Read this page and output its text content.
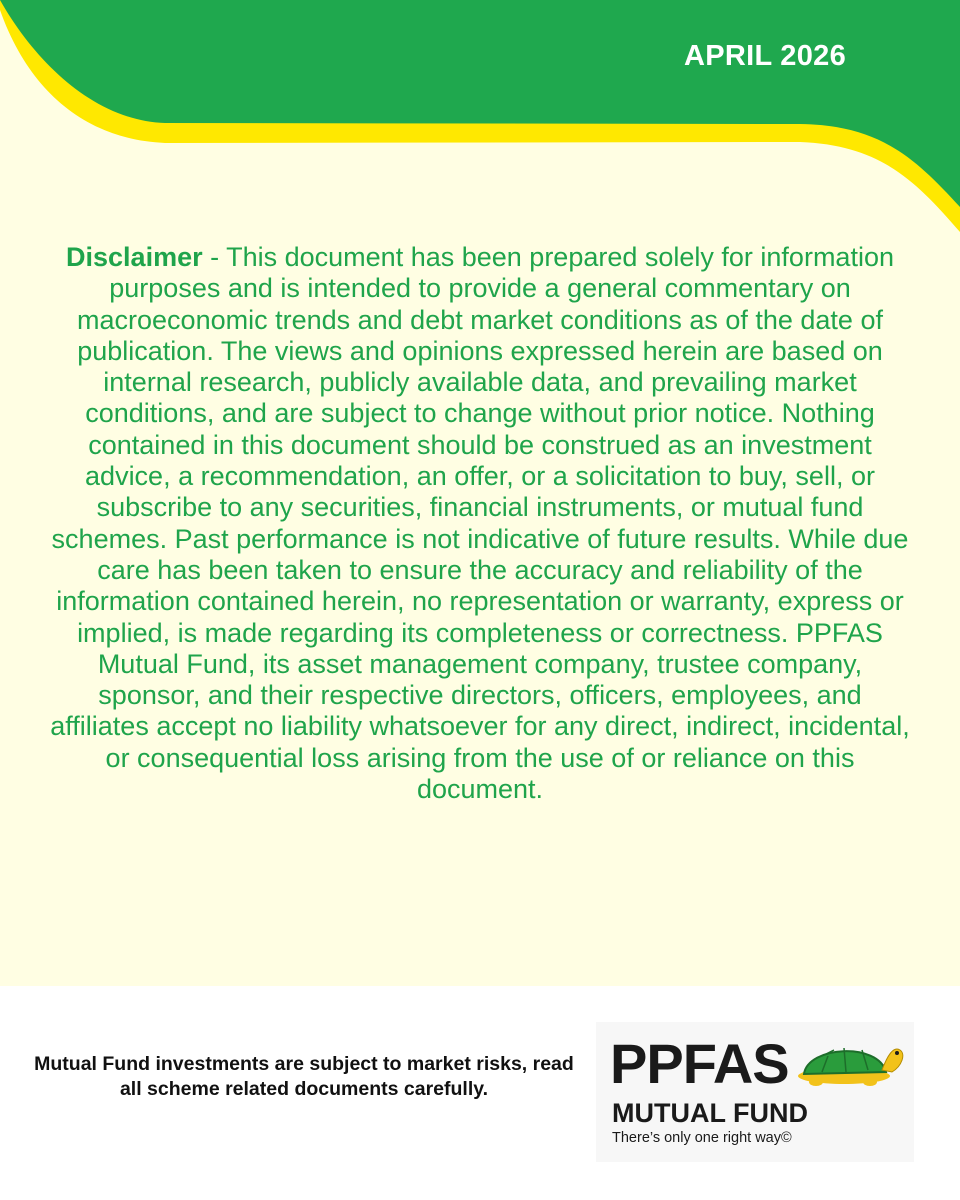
APRIL 2026
Disclaimer - This document has been prepared solely for information purposes and is intended to provide a general commentary on macroeconomic trends and debt market conditions as of the date of publication. The views and opinions expressed herein are based on internal research, publicly available data, and prevailing market conditions, and are subject to change without prior notice. Nothing contained in this document should be construed as an investment advice, a recommendation, an offer, or a solicitation to buy, sell, or subscribe to any securities, financial instruments, or mutual fund schemes. Past performance is not indicative of future results. While due care has been taken to ensure the accuracy and reliability of the information contained herein, no representation or warranty, express or implied, is made regarding its completeness or correctness. PPFAS Mutual Fund, its asset management company, trustee company, sponsor, and their respective directors, officers, employees, and affiliates accept no liability whatsoever for any direct, indirect, incidental, or consequential loss arising from the use of or reliance on this document.
Mutual Fund investments are subject to market risks, read all scheme related documents carefully.	PPFAS
MUTUAL FUND
There’s only one right way©
